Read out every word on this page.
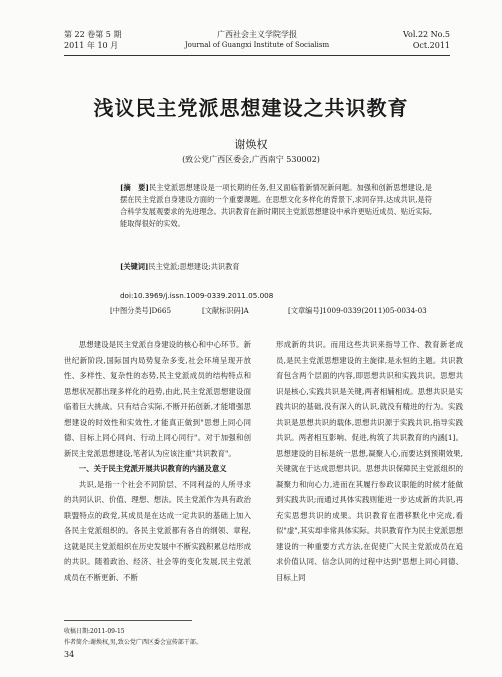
第 22 卷第 5 期
2011 年 10 月
广西社会主义学院学报
Journal of Guangxi Institute of Socialism
Vol.22 No.5
Oct.2011
浅议民主党派思想建设之共识教育
谢焕权
(致公党广西区委会,广西南宁 530002)
[摘　要]民主党派思想建设是一项长期的任务,但又面临着新情况新问题。加强和创新思想建设,是摆在民主党派自身建设方面的一个重要课题。在思想文化多样化的背景下,求同存异,达成共识,是符合科学发展观要求的先进理念。共识教育在新时期民主党派思想建设中承许更贴近成员、贴近实际,能取得很好的实效。
[关键词]民主党派;思想建设;共识教育
doi:10.3969/j.issn.1009-0339.2011.05.008
[中图分类号]D665	[文献标识码]A	[文章编号]1009-0339(2011)05-0034-03

思想建设是民主党派自身建设的核心和中心环节。新世纪新阶段,国际国内局势复杂多变,社会环境呈现开放性、多样性、复杂性的态势,民主党派成员的结构特点和思想状况都出现多样化的趋势,由此,民主党派思想建设面临着巨大挑战。只有结合实际,不断开拓创新,才能增强思想建设的时效性和实效性,才能真正做到"思想上同心同德、目标上同心同向、行动上同心同行"。对于加强和创新民主党派思想建设,笔者认为应该注重"共识教育"。

一、关于民主党派开展共识教育的内涵及意义

共识,是指一个社会不同阶层、不同利益的人所寻求的共同认识、价值、理想、想法。民主党派作为具有政治联盟特点的政党,其成员是在达成一定共识的基础上加入各民主党派组织的。各民主党派都有各自的纲领、章程,这就是民主党派组织在历史发展中不断实践积累总结形成的共识。随着政治、经济、社会等的变化发展,民主党派成员在不断更新、不断

形成新的共识。而用这些共识来指导工作、教育新老成员,是民主党派思想建设的主旋律,是永恒的主题。共识教育包含两个层面的内容,即思想共识和实践共识。思想共识是核心,实践共识是关键,两者相辅相成。思想共识是实践共识的基础,没有深入的认识,就没有精进的行为。实践共识是思想共识的载体,思想共识源于实践共识,指导实践共识。两者相互影响、促进,构筑了共识教育的内涵[1]。思想建设的目标是统一思想,凝聚人心,而要达到预期效果,关键就在于达成思想共识。思想共识保障民主党派组织的凝聚力和向心力,进而在其履行参政议职能的时候才能做到实践共识;而通过具体实践则能进一步达成新的共识,再充实思想共识的成果。共识教育在潜移默化中完成,看似"虚",其实却非常具体实际。共识教育作为民主党派思想建设的一种重要方式方法,在促使广大民主党派成员在追求价值认同、信念认同的过程中达到"思想上同心同德、目标上同

收稿日期:2011-09-15
作者简介:谢焕权,男,致公党广西区委会宣传部干部。
34
